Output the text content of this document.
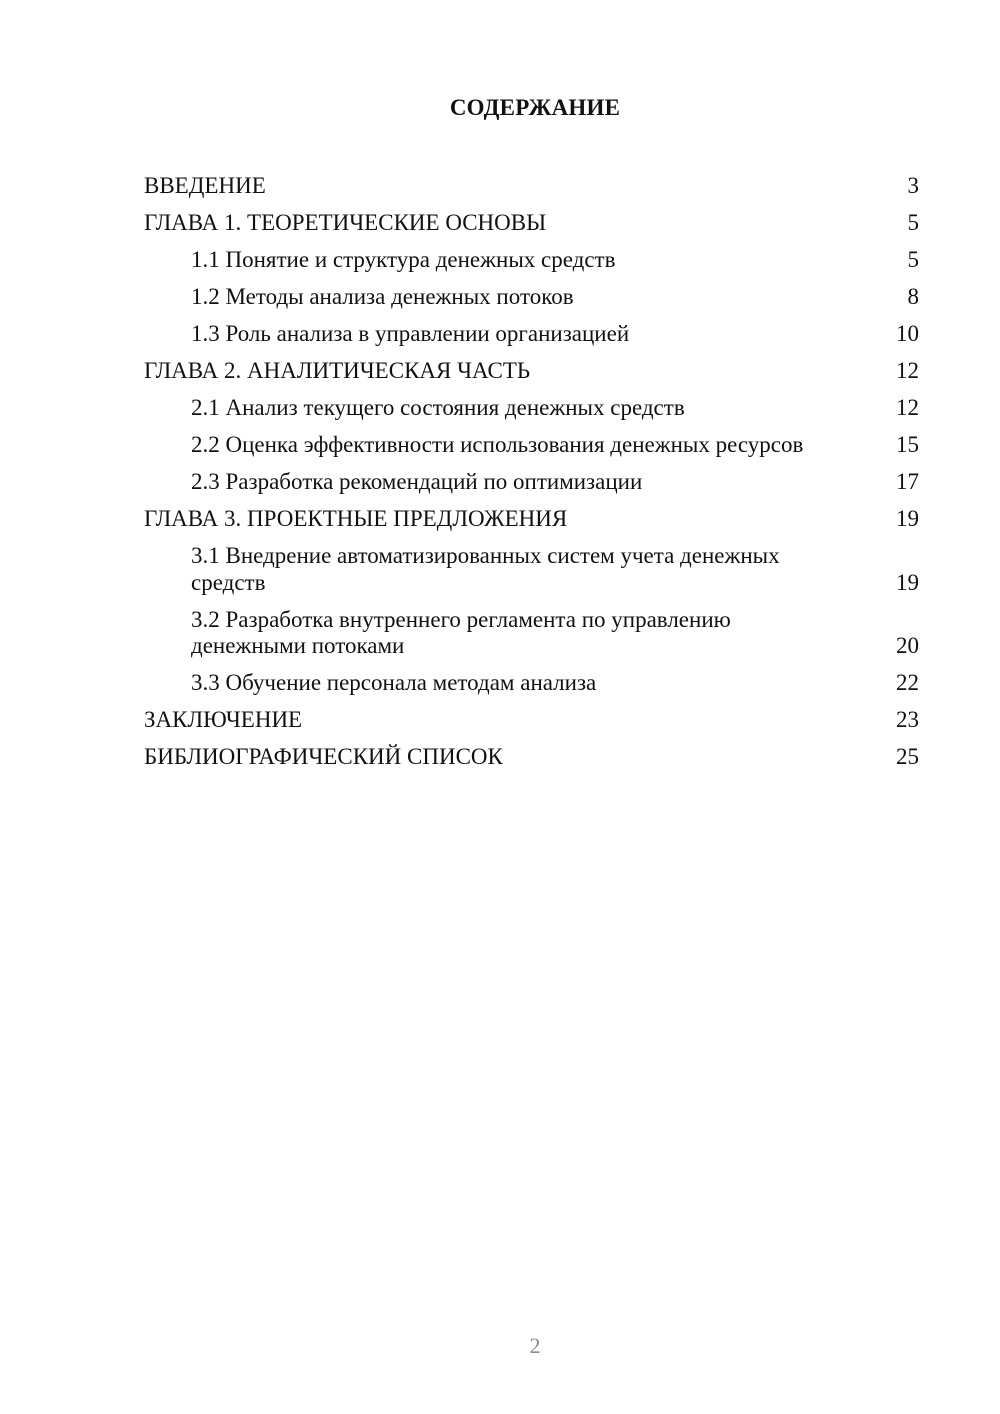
СОДЕРЖАНИЕ
ВВЕДЕНИЕ	3
ГЛАВА 1. ТЕОРЕТИЧЕСКИЕ ОСНОВЫ	5
1.1 Понятие и структура денежных средств	5
1.2 Методы анализа денежных потоков	8
1.3 Роль анализа в управлении организацией	10
ГЛАВА 2. АНАЛИТИЧЕСКАЯ ЧАСТЬ	12
2.1 Анализ текущего состояния денежных средств	12
2.2 Оценка эффективности использования денежных ресурсов	15
2.3 Разработка рекомендаций по оптимизации	17
ГЛАВА 3. ПРОЕКТНЫЕ ПРЕДЛОЖЕНИЯ	19
3.1 Внедрение автоматизированных систем учета денежных средств	19
3.2 Разработка внутреннего регламента по управлению денежными потоками	20
3.3 Обучение персонала методам анализа	22
ЗАКЛЮЧЕНИЕ	23
БИБЛИОГРАФИЧЕСКИЙ СПИСОК	25
2
